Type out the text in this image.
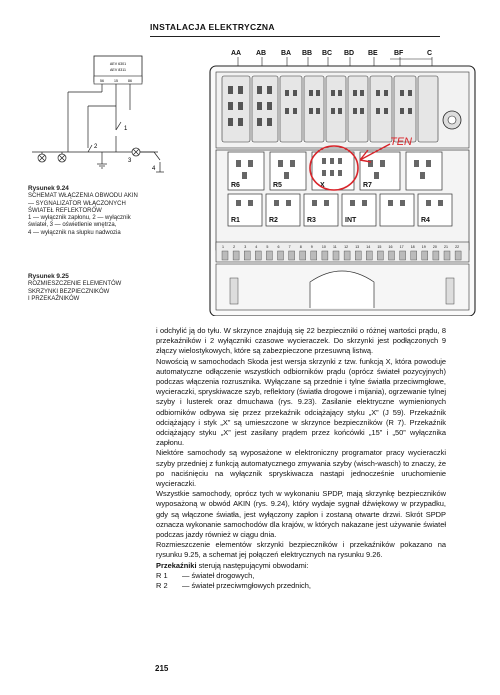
INSTALACJA ELEKTRYCZNA
AEV 6301
AEV 8311
56	15	86
1
2
3
4
Rysunek 9.24
SCHEMAT WŁĄCZENIA OBWODU AKIN
— SYGNALIZATOR WŁĄCZONYCH
ŚWIATEŁ REFLEKTORÓW
1 — wyłącznik zapłonu, 2 — wyłącznik
świateł, 3 — oświetlenie wnętrza,
4 — wyłącznik na słupku nadwozia
Rysunek 9.25
ROZMIESZCZENIE ELEMENTÓW
SKRZYNKI BEZPIECZNIKÓW
I PRZEKAŹNIKÓW
AA AB BA BB BC BD BE BF	C
R6	R5	X	R7
R1	R2	R3	INT	R4
1	2	3	4	5	6	7	8	9	10 11 12 13 14 15 16 17 18 19 20 21 22
TEN

i odchylić ją do tyłu. W skrzynce znajdują się 22 bezpieczniki o różnej wartości prądu, 8 przekaźników i 2 wyłączniki czasowe wycieraczek. Do skrzynki jest podłączonych 9 złączy wielostykowych, które są zabezpieczone przesuwną listwą.

Nowością w samochodach Skoda jest wersja skrzynki z tzw. funkcją X, która powoduje automatyczne odłączenie wszystkich odbiorników prądu (oprócz świateł pozycyjnych) podczas włączenia rozrusznika. Wyłączane są przednie i tylne światła przeciwmgłowe, wycieraczki, spryskiwacze szyb, reflektory (światła drogowe i mijania), ogrzewanie tylnej szyby i lusterek oraz dmuchawa (rys. 9.23). Zasilanie elektryczne wymienionych odbiorników odbywa się przez przekaźnik odciążający styku „X” (J 59). Przekaźnik odciążający i styk „X” są umieszczone w skrzynce bezpieczników (R 7). Przekaźnik odciążający styku „X” jest zasilany prądem przez końcówki „15” i „50” wyłącznika zapłonu.

Niektóre samochody są wyposażone w elektroniczny programator pracy wycieraczki szyby przedniej z funkcją automatycznego zmywania szyby (wisch-wasch) to znaczy, że po naciśnięciu na wyłącznik spryskiwacza nastąpi jednocześnie uruchomienie wycieraczki.

Wszystkie samochody, oprócz tych w wykonaniu SPDP, mają skrzynkę bezpieczników wyposażoną w obwód AKIN (rys. 9.24), który wydaje sygnał dźwiękowy w przypadku, gdy są włączone światła, jest wyłączony zapłon i zostaną otwarte drzwi. Skrót SPDP oznacza wykonanie samochodów dla krajów, w których nakazane jest używanie świateł podczas jazdy również w ciągu dnia.

Rozmieszczenie elementów skrzynki bezpieczników i przekaźników pokazano na rysunku 9.25, a schemat jej połączeń elektrycznych na rysunku 9.26.

Przekaźniki sterują następującymi obwodami:

R 1	— świateł drogowych,
R 2	— świateł przeciwmgłowych przednich,
215
